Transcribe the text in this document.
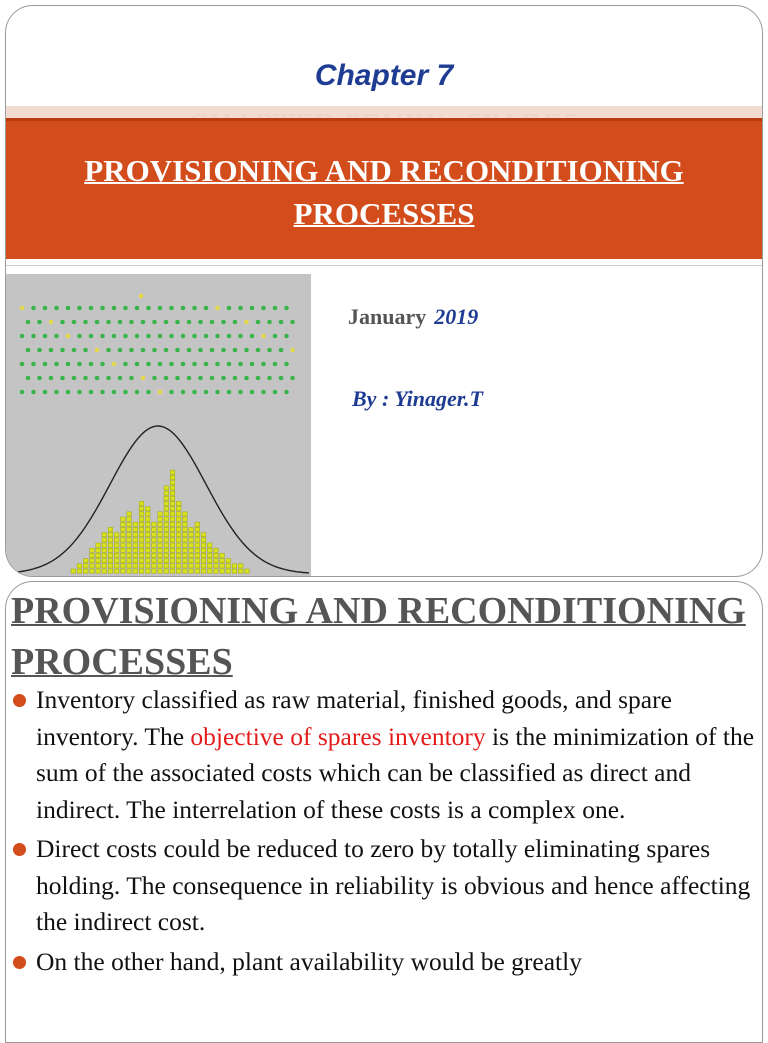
Chapter 7
PROVISIONING AND RECONDITIONING PROCESSES
January 2019
By : Yinager.T
PROVISIONING AND RECONDITIONING PROCESSES
Inventory classified as raw material, finished goods, and spare inventory. The objective of spares inventory is the minimization of the sum of the associated costs which can be classified as direct and indirect. The interrelation of these costs is a complex one.
Direct costs could be reduced to zero by totally eliminating spares holding. The consequence in reliability is obvious and hence affecting the indirect cost.
On the other hand, plant availability would be greatly
